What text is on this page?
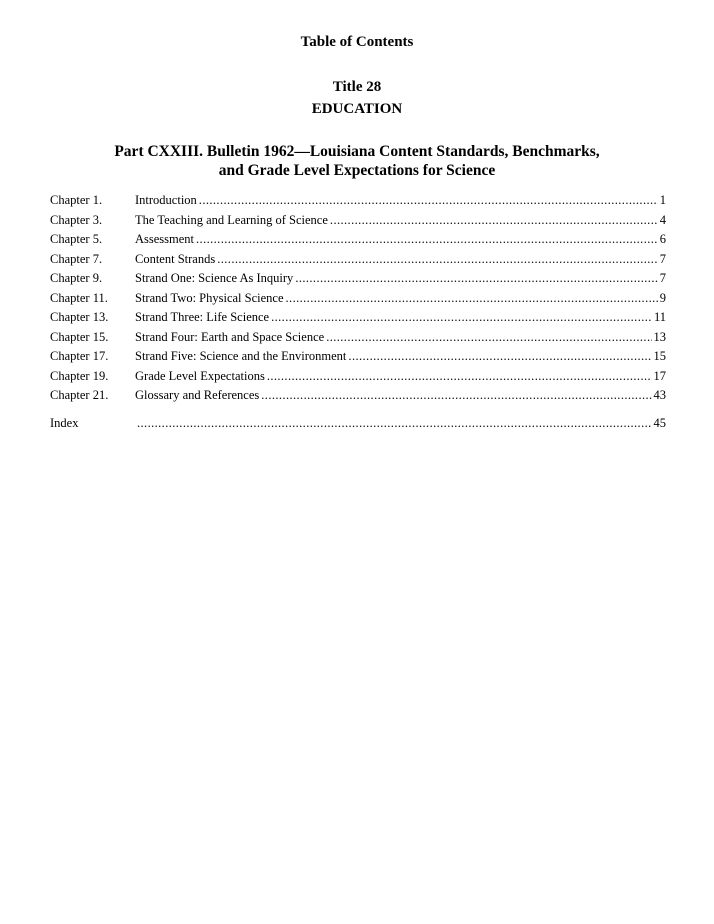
Table of Contents
Title 28
EDUCATION
Part CXXIII. Bulletin 1962—Louisiana Content Standards, Benchmarks,
and Grade Level Expectations for Science
Chapter 1.	Introduction .....	1
Chapter 3.	The Teaching and Learning of Science .....	4
Chapter 5.	Assessment .....	6
Chapter 7.	Content Strands .....	7
Chapter 9.	Strand One: Science As Inquiry .....	7
Chapter 11.	Strand Two: Physical Science .....	9
Chapter 13.	Strand Three: Life Science .....	11
Chapter 15.	Strand Four: Earth and Space Science .....	13
Chapter 17.	Strand Five: Science and the Environment .....	15
Chapter 19.	Grade Level Expectations .....	17
Chapter 21.	Glossary and References .....	43
Index .....	45
